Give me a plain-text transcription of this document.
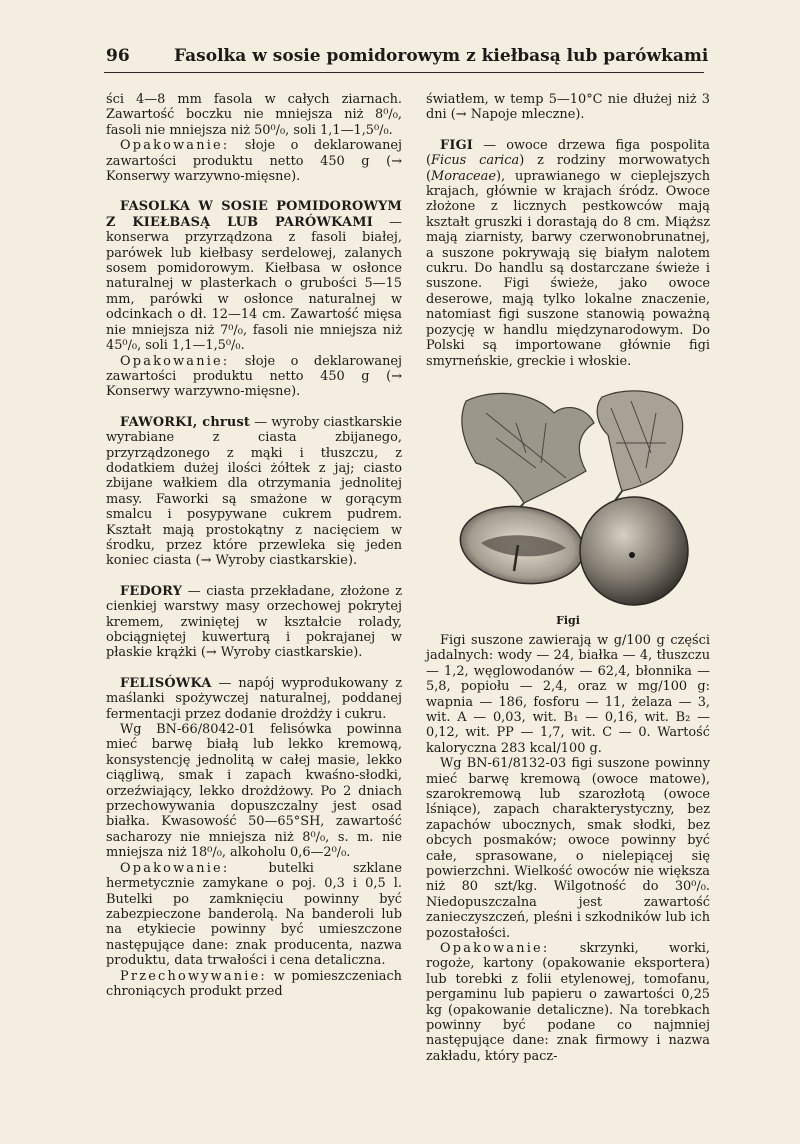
96	Fasolka w sosie pomidorowym z kiełbasą lub parówkami

ści 4—8 mm fasola w całych ziarnach. Zawartość boczku nie mniejsza niż 8⁰/₀, fasoli nie mniejsza niż 50⁰/₀, soli 1,1—1,5⁰/₀.

Opakowanie: słoje o deklarowanej zawartości produktu netto 450 g (→ Konserwy warzywno-mięsne).

FASOLKA W SOSIE POMIDOROWYM Z KIEŁBASĄ LUB PARÓWKAMI — konserwa przyrządzona z fasoli białej, parówek lub kiełbasy serdelowej, zalanych sosem pomidorowym. Kiełbasa w osłonce naturalnej w plasterkach o grubości 5—15 mm, parówki w osłonce naturalnej w odcinkach o dł. 12—14 cm. Zawartość mięsa nie mniejsza niż 7⁰/₀, fasoli nie mniejsza niż 45⁰/₀, soli 1,1—1,5⁰/₀.

Opakowanie: słoje o deklarowanej zawartości produktu netto 450 g (→ Konserwy warzywno-mięsne).

FAWORKI, chrust — wyroby ciastkarskie wyrabiane z ciasta zbijanego, przyrządzonego z mąki i tłuszczu, z dodatkiem dużej ilości żółtek z jaj; ciasto zbijane wałkiem dla otrzymania jednolitej masy. Faworki są smażone w gorącym smalcu i posypywane cukrem pudrem. Kształt mają prostokątny z nacięciem w środku, przez które przewleka się jeden koniec ciasta (→ Wyroby ciastkarskie).

FEDORY — ciasta przekładane, złożone z cienkiej warstwy masy orzechowej pokrytej kremem, zwiniętej w kształcie rolady, obciągniętej kuwerturą i pokrajanej w płaskie krążki (→ Wyroby ciastkarskie).

FELISÓWKA — napój wyprodukowany z maślanki spożywczej naturalnej, poddanej fermentacji przez dodanie drożdży i cukru.

Wg BN-66/8042-01 felisówka powinna mieć barwę białą lub lekko kremową, konsystencję jednolitą w całej masie, lekko ciągliwą, smak i zapach kwaśno-słodki, orzeźwiający, lekko drożdżowy. Po 2 dniach przechowywania dopuszczalny jest osad białka. Kwasowość 50—65°SH, zawartość sacharozy nie mniejsza niż 8⁰/₀, s. m. nie mniejsza niż 18⁰/₀, alkoholu 0,6—2⁰/₀.

Opakowanie: butelki szklane hermetycznie zamykane o poj. 0,3 i 0,5 l. Butelki po zamknięciu powinny być zabezpieczone banderolą. Na banderoli lub na etykiecie powinny być umieszczone następujące dane: znak producenta, nazwa produktu, data trwałości i cena detaliczna.

Przechowywanie: w pomieszczeniach chroniących produkt przed

światłem, w temp 5—10°C nie dłużej niż 3 dni (→ Napoje mleczne).

FIGI — owoce drzewa figa pospolita (Ficus carica) z rodziny morwowatych (Moraceae), uprawianego w cieplejszych krajach, głównie w krajach śródz. Owoce złożone z licznych pestkowców mają kształt gruszki i dorastają do 8 cm. Miąższ mają ziarnisty, barwy czerwonobrunatnej, a suszone pokrywają się białym nalotem cukru. Do handlu są dostarczane świeże i suszone. Figi świeże, jako owoce deserowe, mają tylko lokalne znaczenie, natomiast figi suszone stanowią poważną pozycję w handlu międzynarodowym. Do Polski są importowane głównie figi smyrneńskie, greckie i włoskie.

Figi

Figi suszone zawierają w g/100 g części jadalnych: wody — 24, białka — 4, tłuszczu — 1,2, węglowodanów — 62,4, błonnika — 5,8, popiołu — 2,4, oraz w mg/100 g: wapnia — 186, fosforu — 11, żelaza — 3, wit. A — 0,03, wit. B₁ — 0,16, wit. B₂ — 0,12, wit. PP — 1,7, wit. C — 0. Wartość kaloryczna 283 kcal/100 g.

Wg BN-61/8132-03 figi suszone powinny mieć barwę kremową (owoce matowe), szarokremową lub szarozłotą (owoce lśniące), zapach charakterystyczny, bez zapachów ubocznych, smak słodki, bez obcych posmaków; owoce powinny być całe, sprasowane, o nielepiącej się powierzchni. Wielkość owoców nie większa niż 80 szt/kg. Wilgotność do 30⁰/₀. Niedopuszczalna jest zawartość zanieczyszczeń, pleśni i szkodników lub ich pozostałości.

Opakowanie: skrzynki, worki, rogoże, kartony (opakowanie eksportera) lub torebki z folii etylenowej, tomofanu, pergaminu lub papieru o zawartości 0,25 kg (opakowanie detaliczne). Na torebkach powinny być podane co najmniej następujące dane: znak firmowy i nazwa zakładu, który pacz-
